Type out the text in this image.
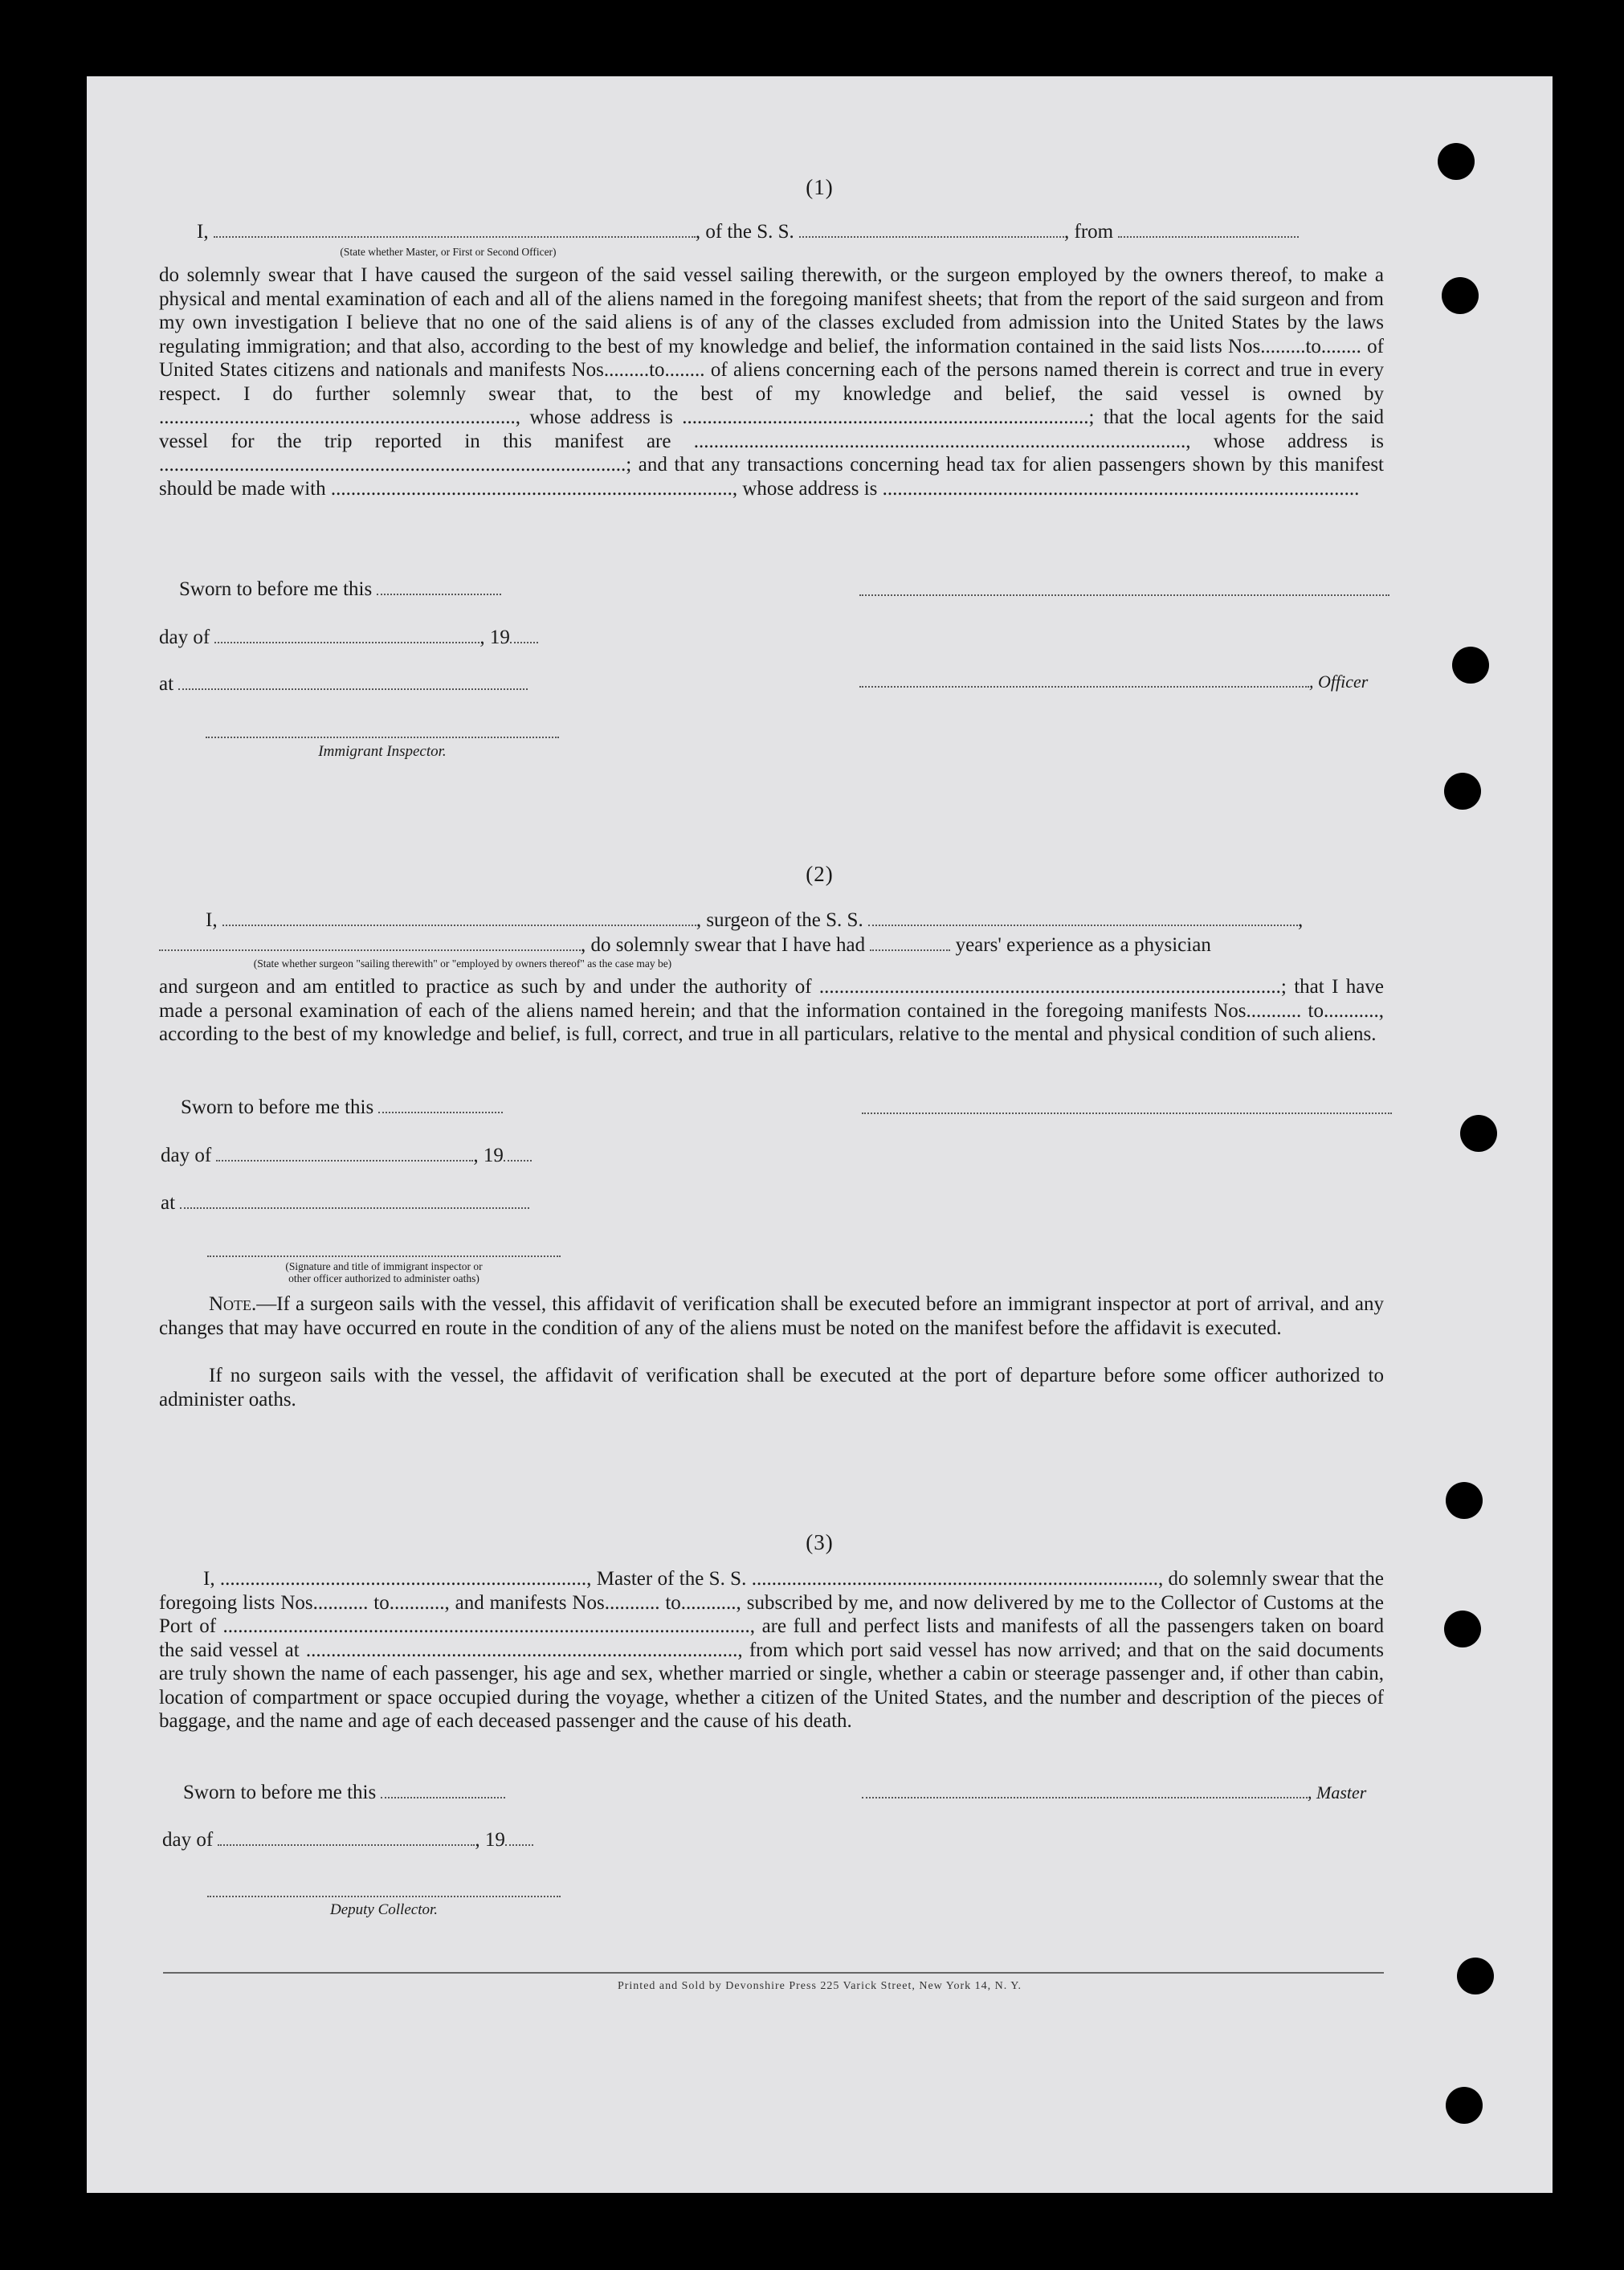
(1)
I,	, of the S. S.	, from
(State whether Master, or First or Second Officer)

do solemnly swear that I have caused the surgeon of the said vessel sailing therewith, or the surgeon employed by the owners thereof, to make a physical and mental examination of each and all of the aliens named in the foregoing manifest sheets; that from the report of the said surgeon and from my own investigation I believe that no one of the said aliens is of any of the classes excluded from admission into the United States by the laws regulating immigration; and that also, according to the best of my knowledge and belief, the information contained in the said lists Nos.........to........ of United States citizens and nationals and manifests Nos.........to........ of aliens concerning each of the persons named therein is correct and true in every respect. I do further solemnly swear that, to the best of my knowledge and belief, the said vessel is owned by ......................................................................., whose address is .................................................................................; that the local agents for the said vessel for the trip reported in this manifest are .................................................................................................., whose address is .............................................................................................; and that any transactions concerning head tax for alien passengers shown by this manifest should be made with ................................................................................, whose address is ...............................................................................................

Sworn to before me this
day of	, 19
at	, Officer
Immigrant Inspector.
(2)
I,	, surgeon of the S. S.	,
, do solemnly swear that I have had	years' experience as a physician
(State whether surgeon "sailing therewith" or "employed by owners thereof" as the case may be)

and surgeon and am entitled to practice as such by and under the authority of ............................................................................................; that I have made a personal examination of each of the aliens named herein; and that the information contained in the foregoing manifests Nos........... to..........., according to the best of my knowledge and belief, is full, correct, and true in all particulars, relative to the mental and physical condition of such aliens.

Sworn to before me this
day of	, 19
at
(Signature and title of immigrant inspector or
other officer authorized to administer oaths)

Note.—If a surgeon sails with the vessel, this affidavit of verification shall be executed before an immigrant inspector at port of arrival, and any changes that may have occurred en route in the condition of any of the aliens must be noted on the manifest before the affidavit is executed.

If no surgeon sails with the vessel, the affidavit of verification shall be executed at the port of departure before some officer authorized to administer oaths.

(3)

I, ........................................................................., Master of the S. S. ................................................................................., do solemnly swear that the foregoing lists Nos........... to..........., and manifests Nos........... to..........., subscribed by me, and now delivered by me to the Collector of Customs at the Port of ........................................................................................................., are full and perfect lists and manifests of all the passengers taken on board the said vessel at ......................................................................................, from which port said vessel has now arrived; and that on the said documents are truly shown the name of each passenger, his age and sex, whether married or single, whether a cabin or steerage passenger and, if other than cabin, location of compartment or space occupied during the voyage, whether a citizen of the United States, and the number and description of the pieces of baggage, and the name and age of each deceased passenger and the cause of his death.

Sworn to before me this	, Master
day of	, 19
Deputy Collector.
Printed and Sold by Devonshire Press 225 Varick Street, New York 14, N. Y.
